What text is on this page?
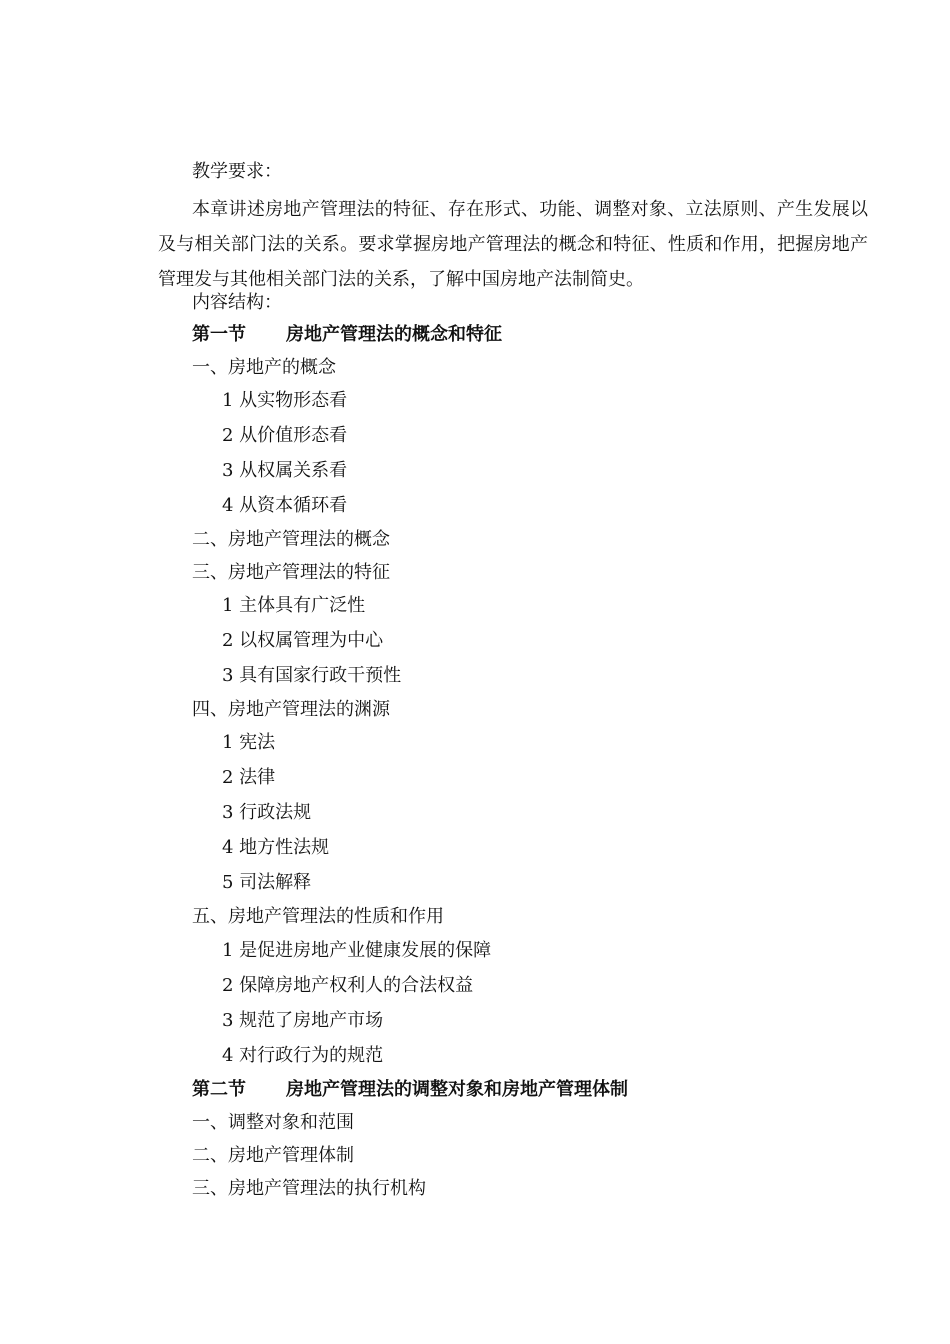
教学要求：
本章讲述房地产管理法的特征、存在形式、功能、调整对象、立法原则、产生发展以及与相关部门法的关系。要求掌握房地产管理法的概念和特征、性质和作用，把握房地产管理发与其他相关部门法的关系，了解中国房地产法制简史。
内容结构：
第一节 房地产管理法的概念和特征
一、房地产的概念
1 从实物形态看
2 从价值形态看
3 从权属关系看
4 从资本循环看
二、房地产管理法的概念
三、房地产管理法的特征
1 主体具有广泛性
2 以权属管理为中心
3 具有国家行政干预性
四、房地产管理法的渊源
1 宪法
2 法律
3 行政法规
4 地方性法规
5 司法解释
五、房地产管理法的性质和作用
1 是促进房地产业健康发展的保障
2 保障房地产权利人的合法权益
3 规范了房地产市场
4 对行政行为的规范
第二节 房地产管理法的调整对象和房地产管理体制
一、调整对象和范围
二、房地产管理体制
三、房地产管理法的执行机构
